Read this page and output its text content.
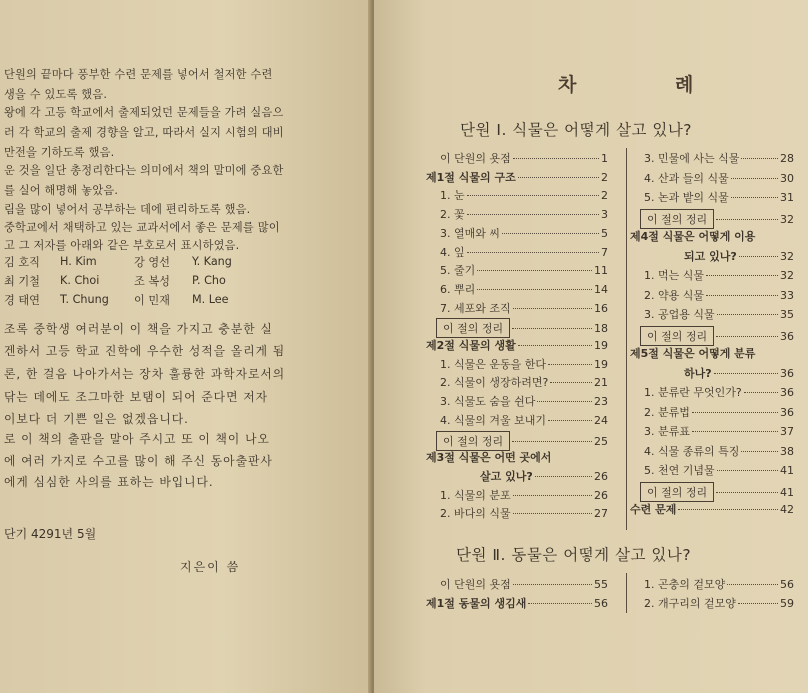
단원의 끝마다 풍부한 수련 문제를 넣어서 철저한 수련
생을 수 있도록 했음.
왕에 각 고등 학교에서 출제되었던 문제들을 가려 실음으
러 각 학교의 출제 경향을 알고, 따라서 실지 시험의 대비
만전을 기하도록 했음.
운 것을 일단 총정리한다는 의미에서 책의 말미에 중요한
를 실어 해명해 놓았음.
림을 많이 넣어서 공부하는 데에 편리하도록 했음.
중학교에서 채택하고 있는 교과서에서 좋은 문제를 많이
고 그 저자를 아래와 같은 부호로서 표시하였음.
김 호직	H. Kim	강 영선	Y. Kang
최 기철	K. Choi	조 복성	P. Cho
경 태연	T. Chung	이 민재	M. Lee
조록 중학생 여러분이 이 책을 가지고 충분한 실
겐하서 고등 학교 진학에 우수한 성적을 올리게 됨
론, 한 걸음 나아가서는 장차 훌륭한 과학자로서의
닦는 데에도 조그마한 보탬이 되어 준다면 저자
이보다 더 기쁜 일은 없겠읍니다.
로 이 책의 출판을 말아 주시고 또 이 책이 나오
에 여러 가지로 수고를 많이 해 주신 동아출판사
에게 심심한 사의를 표하는 바입니다.
단기 4291년 5월
지은이 씀
차 례
단원 Ⅰ. 식물은 어떻게 살고 있나?
이 단원의 욧점	1
제1절 식물의 구조	2
1. 눈	2
2. 꽃	3
3. 열매와 씨	5
4. 잎	7
5. 줄기	11
6. 뿌리	14
7. 세포와 조직	16
이 절의 정리	18
제2절 식물의 생활	19
1. 식물은 운동을 한다	19
2. 식물이 생장하려면?	21
3. 식물도 숨을 쉰다	23
4. 식물의 겨울 보내기	24
이 절의 정리	25
제3절 식물은 어떤 곳에서
살고 있나?	26
1. 식물의 분포	26
2. 바다의 식물	27
3. 민물에 사는 식물	28
4. 산과 들의 식물	30
5. 논과 밭의 식물	31
이 절의 정리	32
제4절 식물은 어떻게 이용
되고 있나?	32
1. 먹는 식물	32
2. 약용 식물	33
3. 공업용 식물	35
이 절의 정리	36
제5절 식물은 어떻게 분류
하나?	36
1. 분류란 무엇인가?	36
2. 분류법	36
3. 분류표	37
4. 식물 종류의 특징	38
5. 천연 기념물	41
이 절의 정리	41
수련 문제	42
단원 Ⅱ. 동물은 어떻게 살고 있나?
이 단원의 욧점	55
제1절 동물의 생김새	56
1. 곤충의 겉모양	56
2. 개구리의 겉모양	59
